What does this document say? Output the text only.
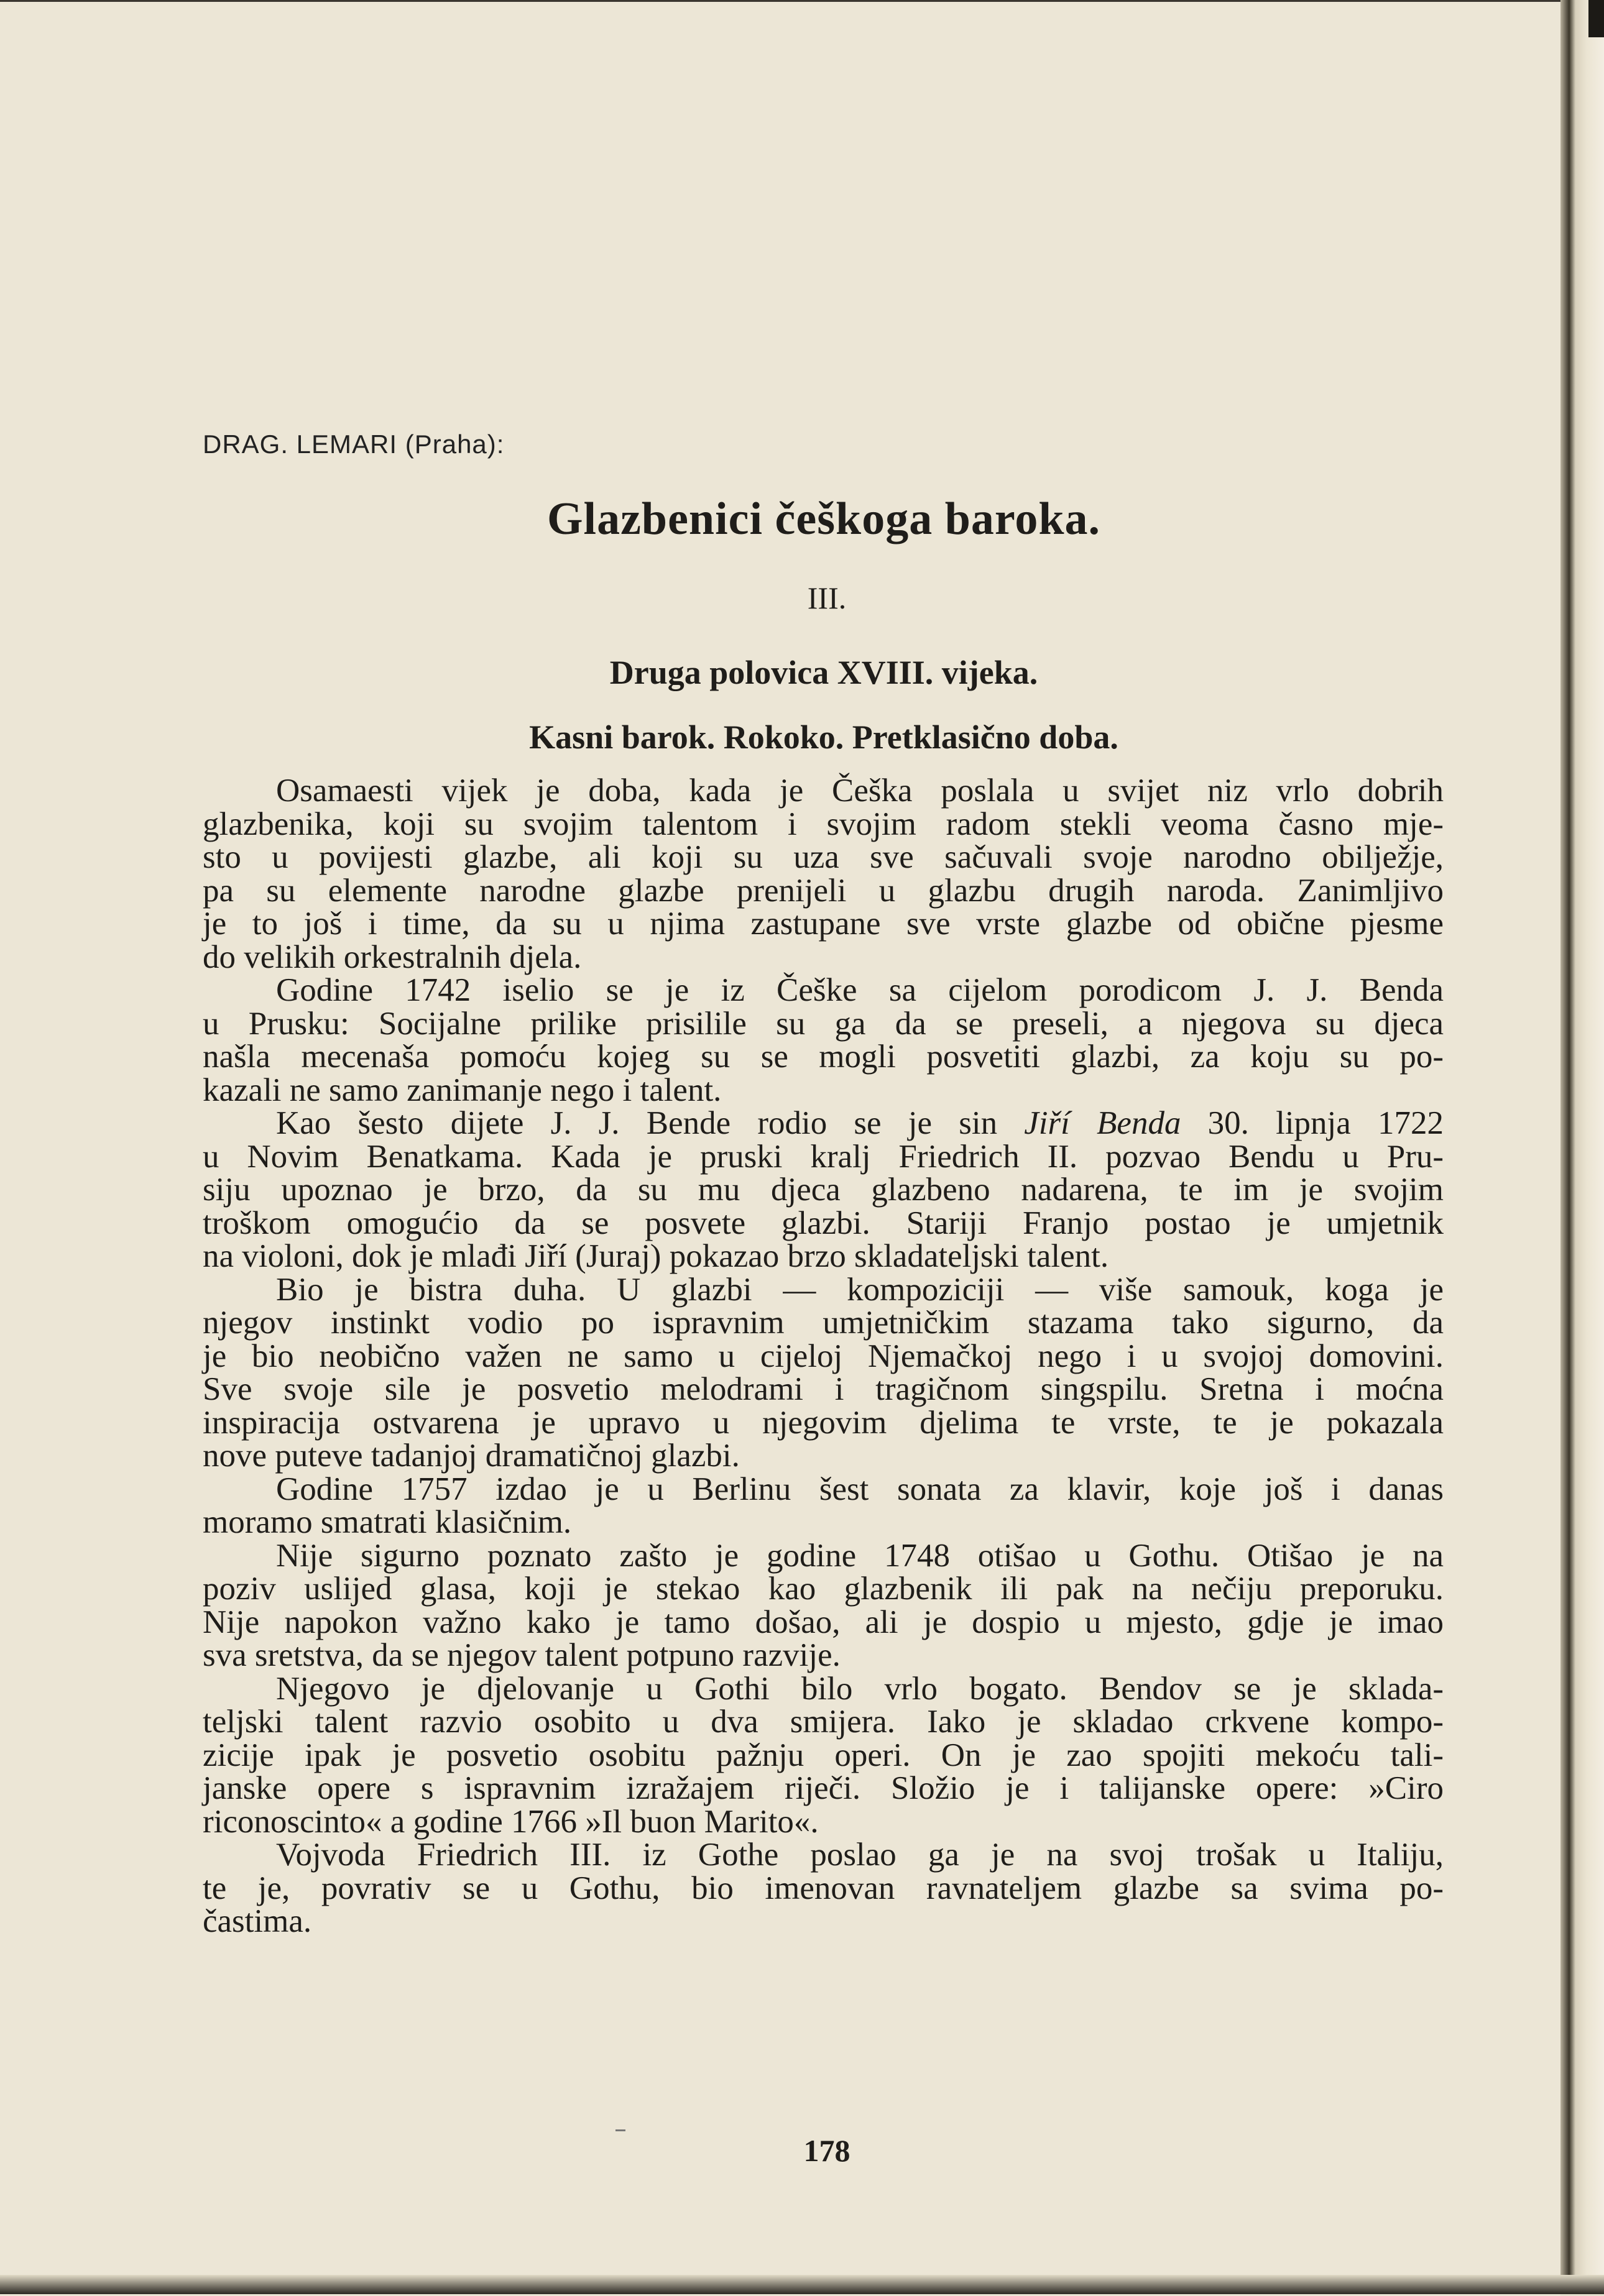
DRAG. LEMARI (Praha):
Glazbenici češkoga baroka.
III.
Druga polovica XVIII. vijeka.
Kasni barok. Rokoko. Pretklasično doba.
Osamaesti vijek je doba, kada je Češka poslala u svijet niz vrlo dobrih
glazbenika, koji su svojim talentom i svojim radom stekli veoma časno mje-
sto u povijesti glazbe, ali koji su uza sve sačuvali svoje narodno obilježje,
pa su elemente narodne glazbe prenijeli u glazbu drugih naroda. Zanimljivo
je to još i time, da su u njima zastupane sve vrste glazbe od obične pjesme
do velikih orkestralnih djela.
Godine 1742 iselio se je iz Češke sa cijelom porodicom J. J. Benda
u Prusku: Socijalne prilike prisilile su ga da se preseli, a njegova su djeca
našla mecenaša pomoću kojeg su se mogli posvetiti glazbi, za koju su po-
kazali ne samo zanimanje nego i talent.
Kao šesto dijete J. J. Bende rodio se je sin Jiří Benda 30. lipnja 1722
u Novim Benatkama. Kada je pruski kralj Friedrich II. pozvao Bendu u Pru-
siju upoznao je brzo, da su mu djeca glazbeno nadarena, te im je svojim
troškom omogućio da se posvete glazbi. Stariji Franjo postao je umjetnik
na violoni, dok je mlađi Jiří (Juraj) pokazao brzo skladateljski talent.
Bio je bistra duha. U glazbi — kompoziciji — više samouk, koga je
njegov instinkt vodio po ispravnim umjetničkim stazama tako sigurno, da
je bio neobično važen ne samo u cijeloj Njemačkoj nego i u svojoj domovini.
Sve svoje sile je posvetio melodrami i tragičnom singspilu. Sretna i moćna
inspiracija ostvarena je upravo u njegovim djelima te vrste, te je pokazala
nove puteve tadanjoj dramatičnoj glazbi.
Godine 1757 izdao je u Berlinu šest sonata za klavir, koje još i danas
moramo smatrati klasičnim.
Nije sigurno poznato zašto je godine 1748 otišao u Gothu. Otišao je na
poziv uslijed glasa, koji je stekao kao glazbenik ili pak na nečiju preporuku.
Nije napokon važno kako je tamo došao, ali je dospio u mjesto, gdje je imao
sva sretstva, da se njegov talent potpuno razvije.
Njegovo je djelovanje u Gothi bilo vrlo bogato. Bendov se je sklada-
teljski talent razvio osobito u dva smijera. Iako je skladao crkvene kompo-
zicije ipak je posvetio osobitu pažnju operi. On je zao spojiti mekoću tali-
janske opere s ispravnim izražajem riječi. Složio je i talijanske opere: »Ciro
riconoscinto« a godine 1766 »Il buon Marito«.
Vojvoda Friedrich III. iz Gothe poslao ga je na svoj trošak u Italiju,
te je, povrativ se u Gothu, bio imenovan ravnateljem glazbe sa svima po-
častima.
178
